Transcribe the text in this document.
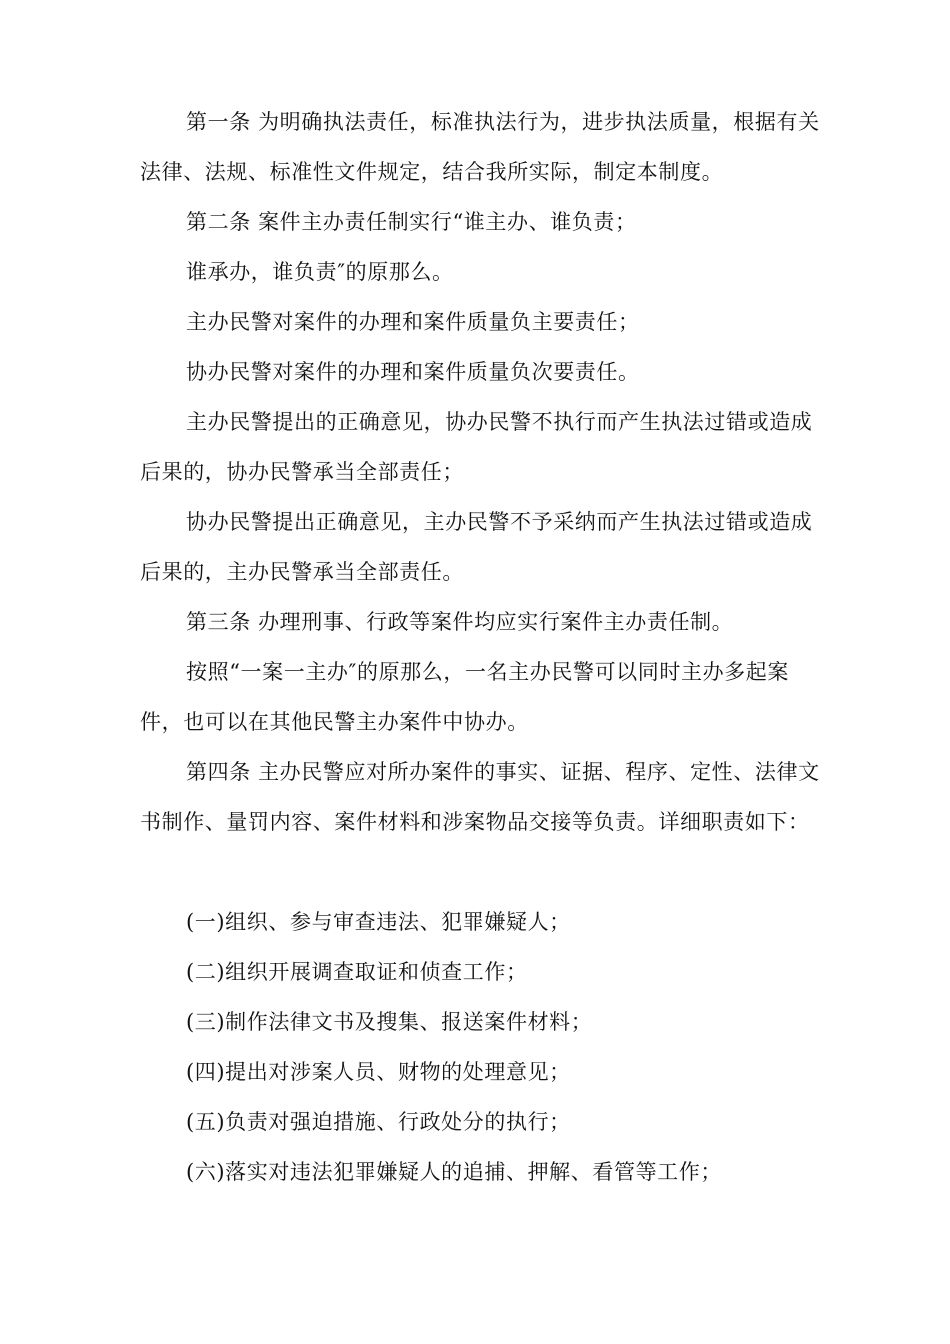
第一条 为明确执法责任，标准执法行为，进步执法质量，根据有关法律、法规、标准性文件规定，结合我所实际，制定本制度。

第二条 案件主办责任制实行“谁主办、谁负责；

谁承办，谁负责″的原那么。

主办民警对案件的办理和案件质量负主要责任；

协办民警对案件的办理和案件质量负次要责任。

主办民警提出的正确意见，协办民警不执行而产生执法过错或造成后果的，协办民警承当全部责任；

协办民警提出正确意见，主办民警不予采纳而产生执法过错或造成后果的，主办民警承当全部责任。

第三条 办理刑事、行政等案件均应实行案件主办责任制。

按照“一案一主办″的原那么，一名主办民警可以同时主办多起案件，也可以在其他民警主办案件中协办。

第四条 主办民警应对所办案件的事实、证据、程序、定性、法律文书制作、量罚内容、案件材料和涉案物品交接等负责。详细职责如下：

(一)组织、参与审查违法、犯罪嫌疑人；

(二)组织开展调查取证和侦查工作；

(三)制作法律文书及搜集、报送案件材料；

(四)提出对涉案人员、财物的处理意见；

(五)负责对强迫措施、行政处分的执行；

(六)落实对违法犯罪嫌疑人的追捕、押解、看管等工作；
